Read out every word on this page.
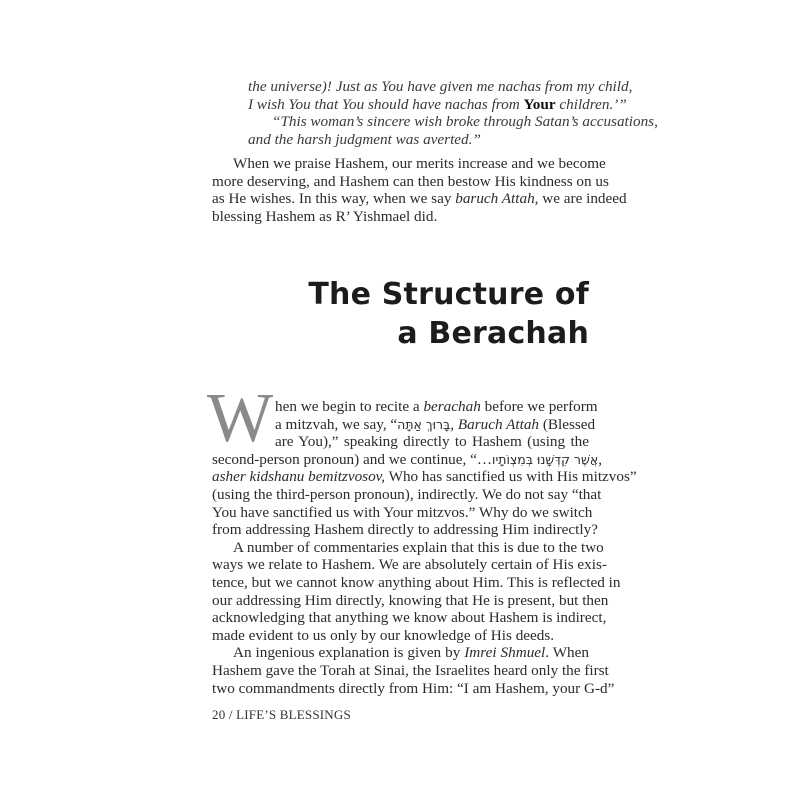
the universe)! Just as You have given me nachas from my child,
I wish You that You should have nachas from Your children.’”
“This woman’s sincere wish broke through Satan’s accusations,
and the harsh judgment was averted.”
When we praise Hashem, our merits increase and we become
more deserving, and Hashem can then bestow His kindness on us
as He wishes. In this way, when we say baruch Attah, we are indeed
blessing Hashem as R’ Yishmael did.
The Structure of
a Berachah
W hen we begin to recite a berachah before we perform
a mitzvah, we say, “בָּרוּךְ אַתָּה, Baruch Attah (Blessed
are You),” speaking directly to Hashem (using the
second-person pronoun) and we continue, “…אֲשֶׁר קִדְּשָׁנוּ בְּמִצְוֹתָיו,
asher kidshanu bemitzvosov, Who has sanctified us with His mitzvos”
(using the third-person pronoun), indirectly. We do not say “that
You have sanctified us with Your mitzvos.” Why do we switch
from addressing Hashem directly to addressing Him indirectly?
A number of commentaries explain that this is due to the two
ways we relate to Hashem. We are absolutely certain of His exis-
tence, but we cannot know anything about Him. This is reflected in
our addressing Him directly, knowing that He is present, but then
acknowledging that anything we know about Hashem is indirect,
made evident to us only by our knowledge of His deeds.
An ingenious explanation is given by Imrei Shmuel. When
Hashem gave the Torah at Sinai, the Israelites heard only the first
two commandments directly from Him: “I am Hashem, your G-d”
20 / LIFE’S BLESSINGS
